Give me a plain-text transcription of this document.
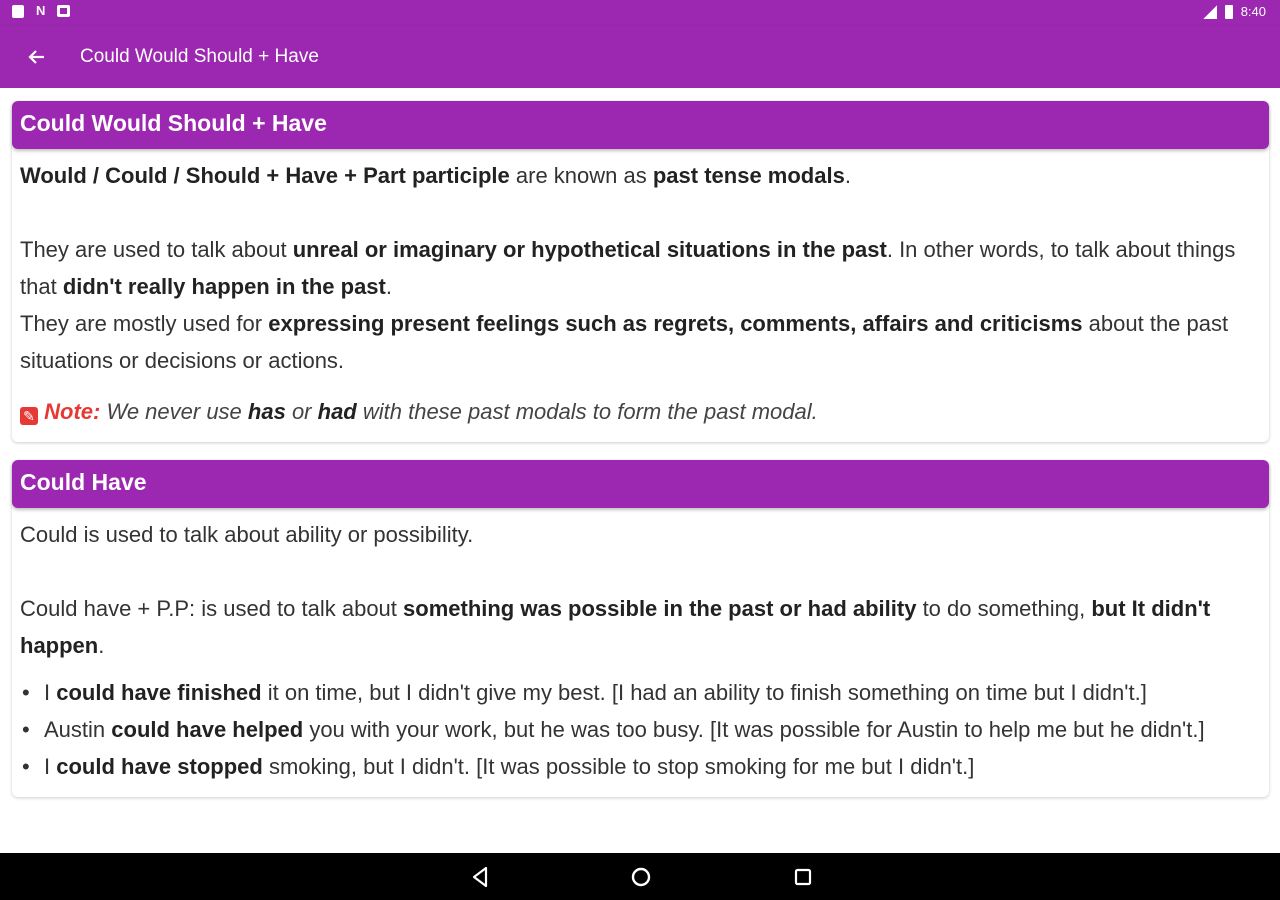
N	8:40
Could Would Should + Have
Could Would Should + Have

Would / Could / Should + Have + Part participle are known as past tense modals.

They are used to talk about unreal or imaginary or hypothetical situations in the past. In other words, to talk about things that didn't really happen in the past.

They are mostly used for expressing present feelings such as regrets, comments, affairs and criticisms about the past situations or decisions or actions.

✎ Note: We never use has or had with these past modals to form the past modal.

Could Have

Could is used to talk about ability or possibility.

Could have + P.P: is used to talk about something was possible in the past or had ability to do something, but It didn't happen.

• I could have finished it on time, but I didn't give my best. [I had an ability to finish something on time but I didn't.]
• Austin could have helped you with your work, but he was too busy. [It was possible for Austin to help me but he didn't.]
• I could have stopped smoking, but I didn't. [It was possible to stop smoking for me but I didn't.]
